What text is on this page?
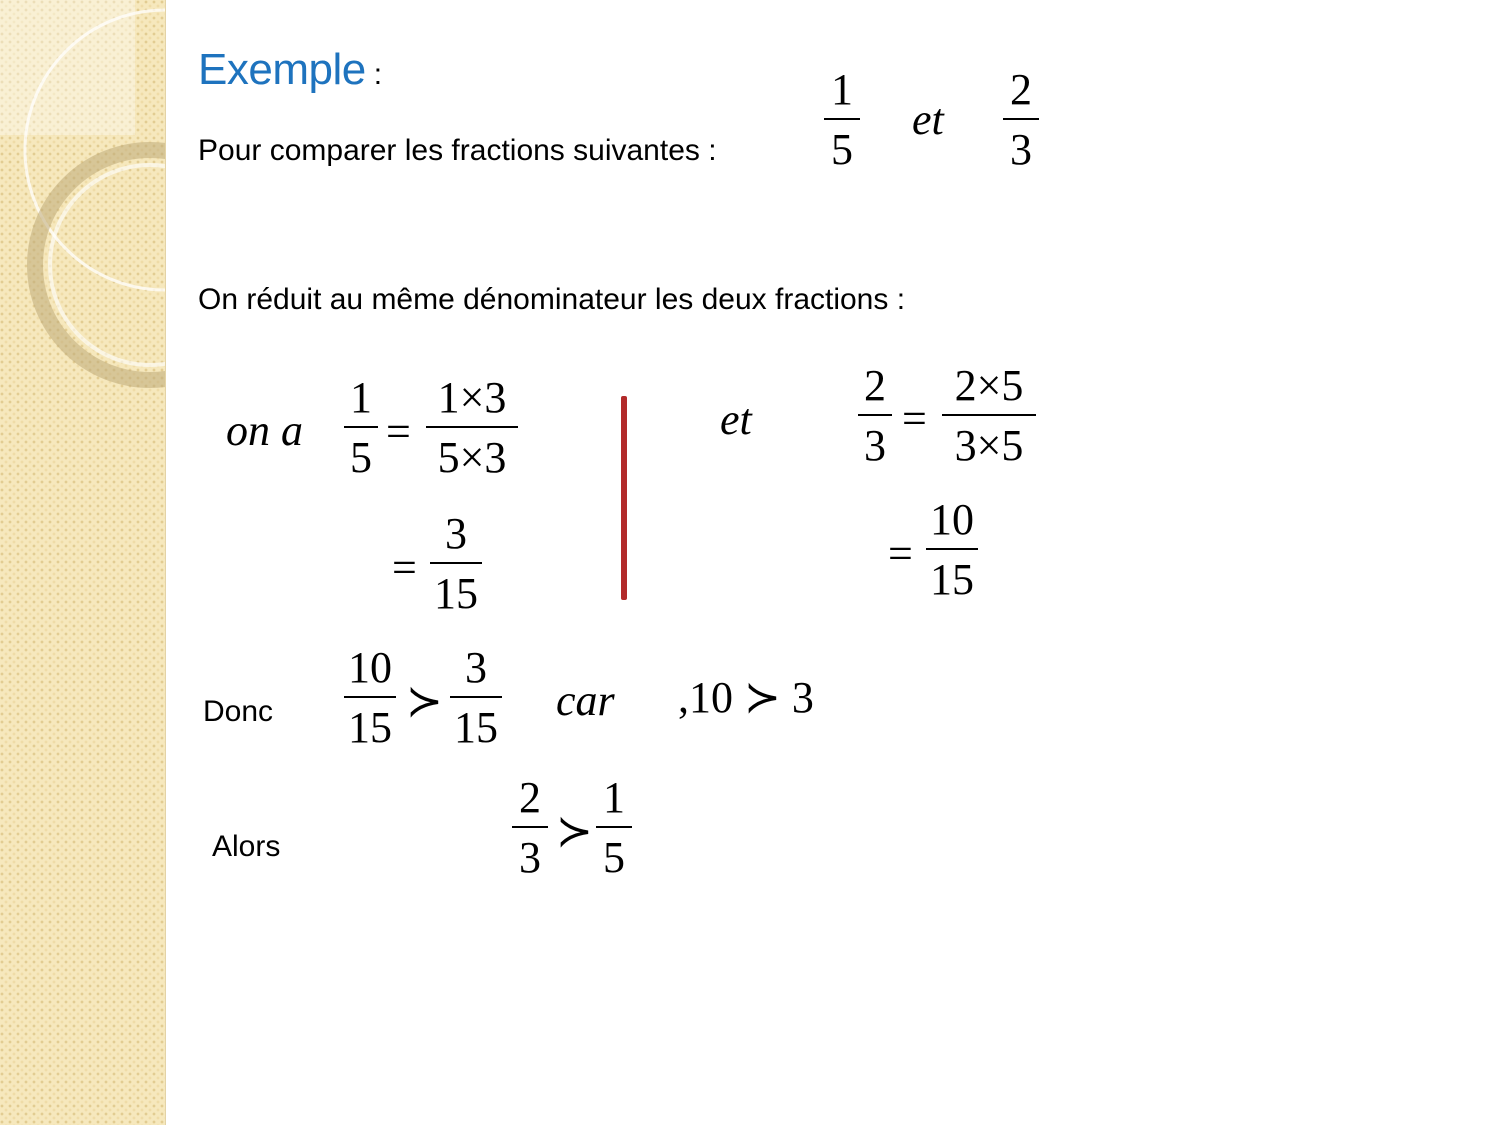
Exemple :
Pour comparer les fractions suivantes :
1
5
et
2
3
On réduit au même dénominateur les deux fractions :
on a
1
5
=
1×3
5×3
=
3
15
et
2
3
=
2×5
3×5
=
10
15
Donc
10
15
≻
3
15
car ,10 ≻ 3
Alors
2
3
≻
1
5
